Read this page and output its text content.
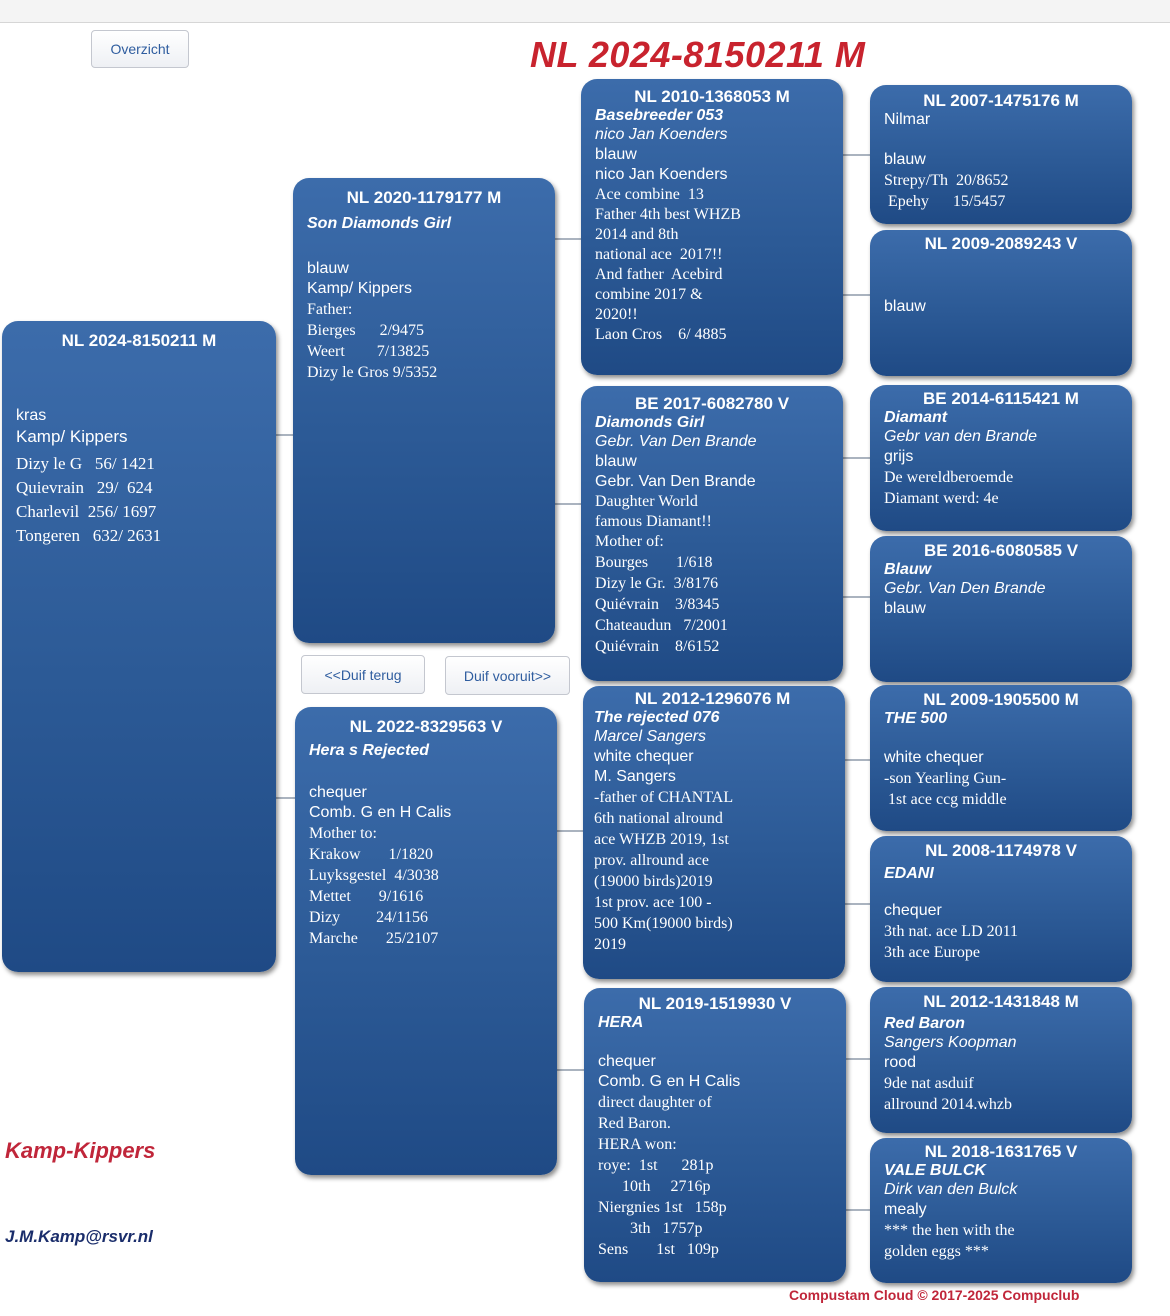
Overzicht	NL 2024-8150211 M
NL 2024-8150211 M
kras
Kamp/ Kippers
Dizy le G   56/ 1421
Quievrain   29/  624
Charlevil  256/ 1697
Tongeren   632/ 2631
NL 2020-1179177 M
Son Diamonds Girl
blauw
Kamp/ Kippers
Father:
Bierges      2/9475
Weert        7/13825
Dizy le Gros 9/5352
<<Duif terug	Duif vooruit>>
NL 2022-8329563 V
Hera s Rejected
chequer
Comb. G en H Calis
Mother to:
Krakow       1/1820
Luyksgestel  4/3038
Mettet       9/1616
Dizy         24/1156
Marche       25/2107
NL 2010-1368053 M
Basebreeder 053
nico Jan Koenders
blauw
nico Jan Koenders
Ace combine  13
Father 4th best WHZB
2014 and 8th
national ace  2017!!
And father  Acebird
combine 2017 &
2020!!
Laon Cros    6/ 4885
BE 2017-6082780 V
Diamonds Girl
Gebr. Van Den Brande
blauw
Gebr. Van Den Brande
Daughter World
famous Diamant!!
Mother of:
Bourges       1/618
Dizy le Gr.  3/8176
Quiévrain    3/8345
Chateaudun   7/2001
Quiévrain    8/6152
NL 2012-1296076 M
The rejected 076
Marcel Sangers
white chequer
M. Sangers
-father of CHANTAL
6th national alround
ace WHZB 2019, 1st
prov. allround ace
(19000 birds)2019
1st prov. ace 100 -
500 Km(19000 birds)
2019
NL 2019-1519930 V
HERA
chequer
Comb. G en H Calis
direct daughter of
Red Baron.
HERA won:
roye:  1st      281p
10th     2716p
Niergnies 1st   158p
3th   1757p
Sens       1st   109p
NL 2007-1475176 M
Nilmar
blauw
Strepy/Th  20/8652
Epehy      15/5457
NL 2009-2089243 V
blauw
BE 2014-6115421 M
Diamant
Gebr van den Brande
grijs
De wereldberoemde
Diamant werd: 4e
BE 2016-6080585 V
Blauw
Gebr. Van Den Brande
blauw
NL 2009-1905500 M
THE 500
white chequer
-son Yearling Gun-
1st ace ccg middle
NL 2008-1174978 V
EDANI
chequer
3th nat. ace LD 2011
3th ace Europe
NL 2012-1431848 M
Red Baron
Sangers Koopman
rood
9de nat asduif
allround 2014.whzb
NL 2018-1631765 V
VALE BULCK
Dirk van den Bulck
mealy
*** the hen with the
golden eggs ***
Kamp-Kippers
J.M.Kamp@rsvr.nl
Compustam Cloud © 2017-2025 Compuclub
